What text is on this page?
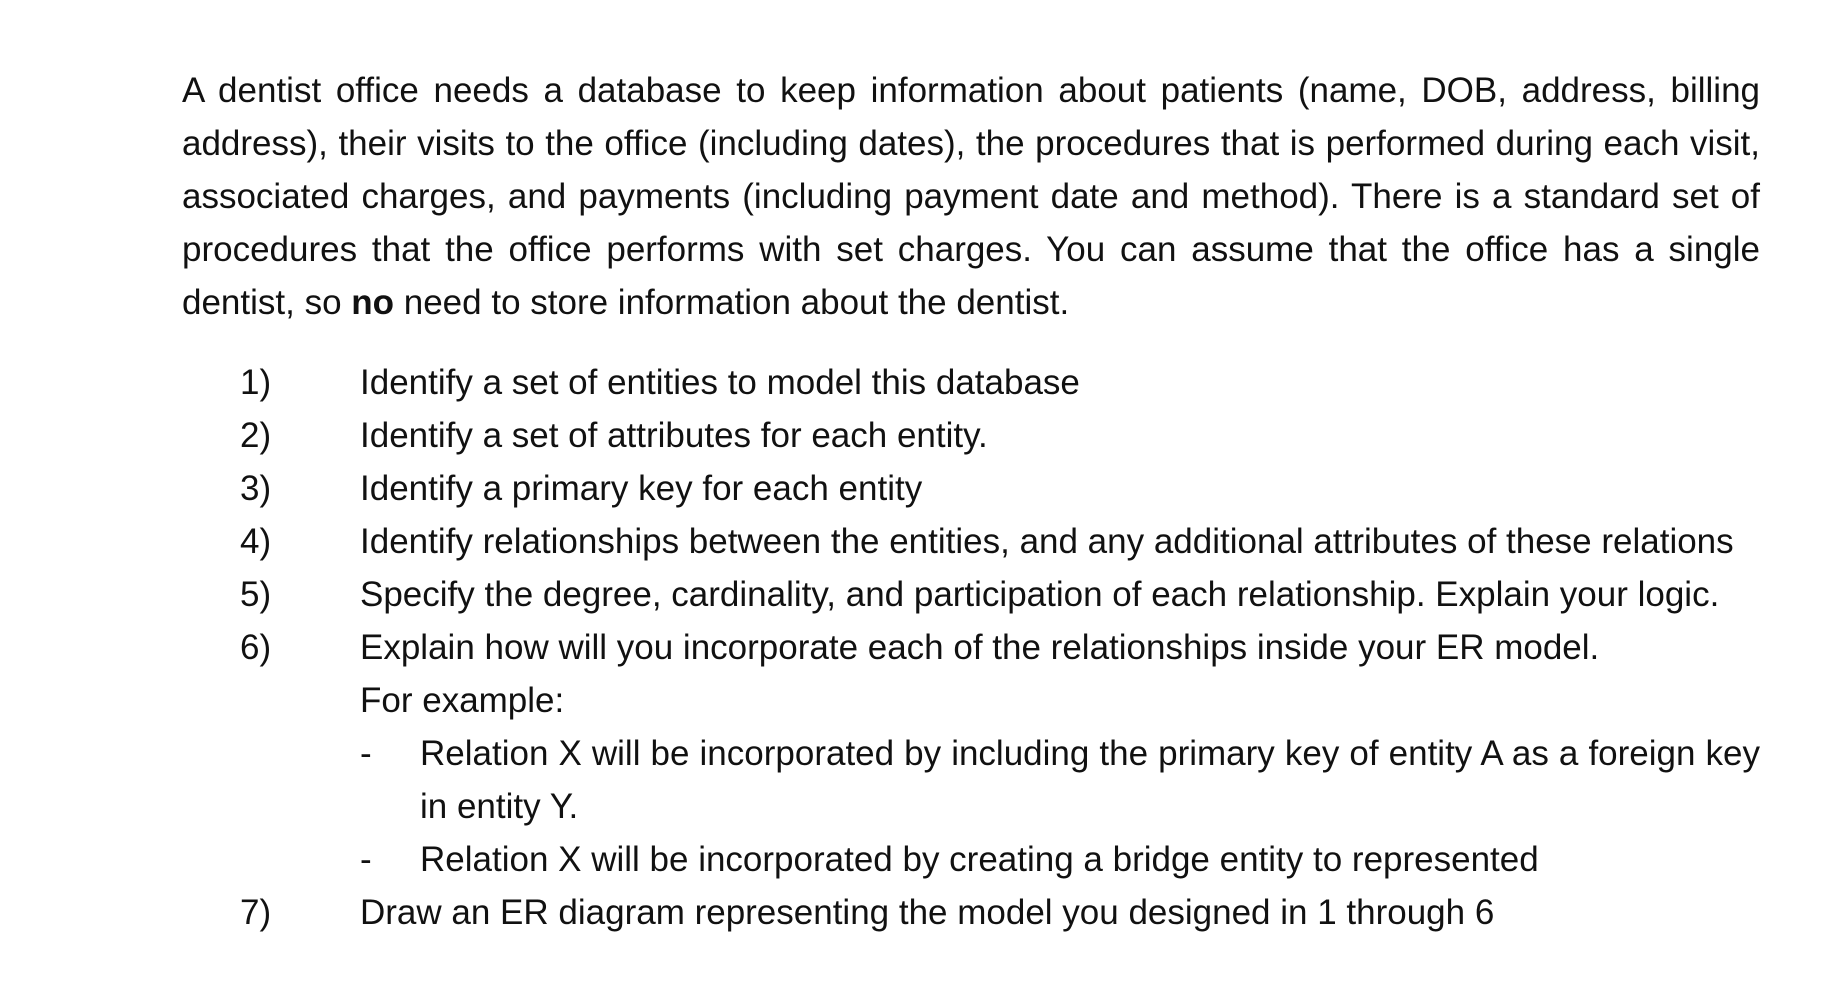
A dentist office needs a database to keep information about patients (name, DOB, address, billing address), their visits to the office (including dates), the procedures that is performed during each visit, associated charges, and payments (including payment date and method). There is a standard set of procedures that the office performs with set charges. You can assume that the office has a single dentist, so no need to store information about the dentist.

1)	Identify a set of entities to model this database
2)	Identify a set of attributes for each entity.
3)	Identify a primary key for each entity
4)	Identify relationships between the entities, and any additional attributes of these relations
5)	Specify the degree, cardinality, and participation of each relationship. Explain your logic.
6)	Explain how will you incorporate each of the relationships inside your ER model.
For example:
-	Relation X will be incorporated by including the primary key of entity A as a foreign key in entity Y.
-	Relation X will be incorporated by creating a bridge entity to represented
7)	Draw an ER diagram representing the model you designed in 1 through 6
